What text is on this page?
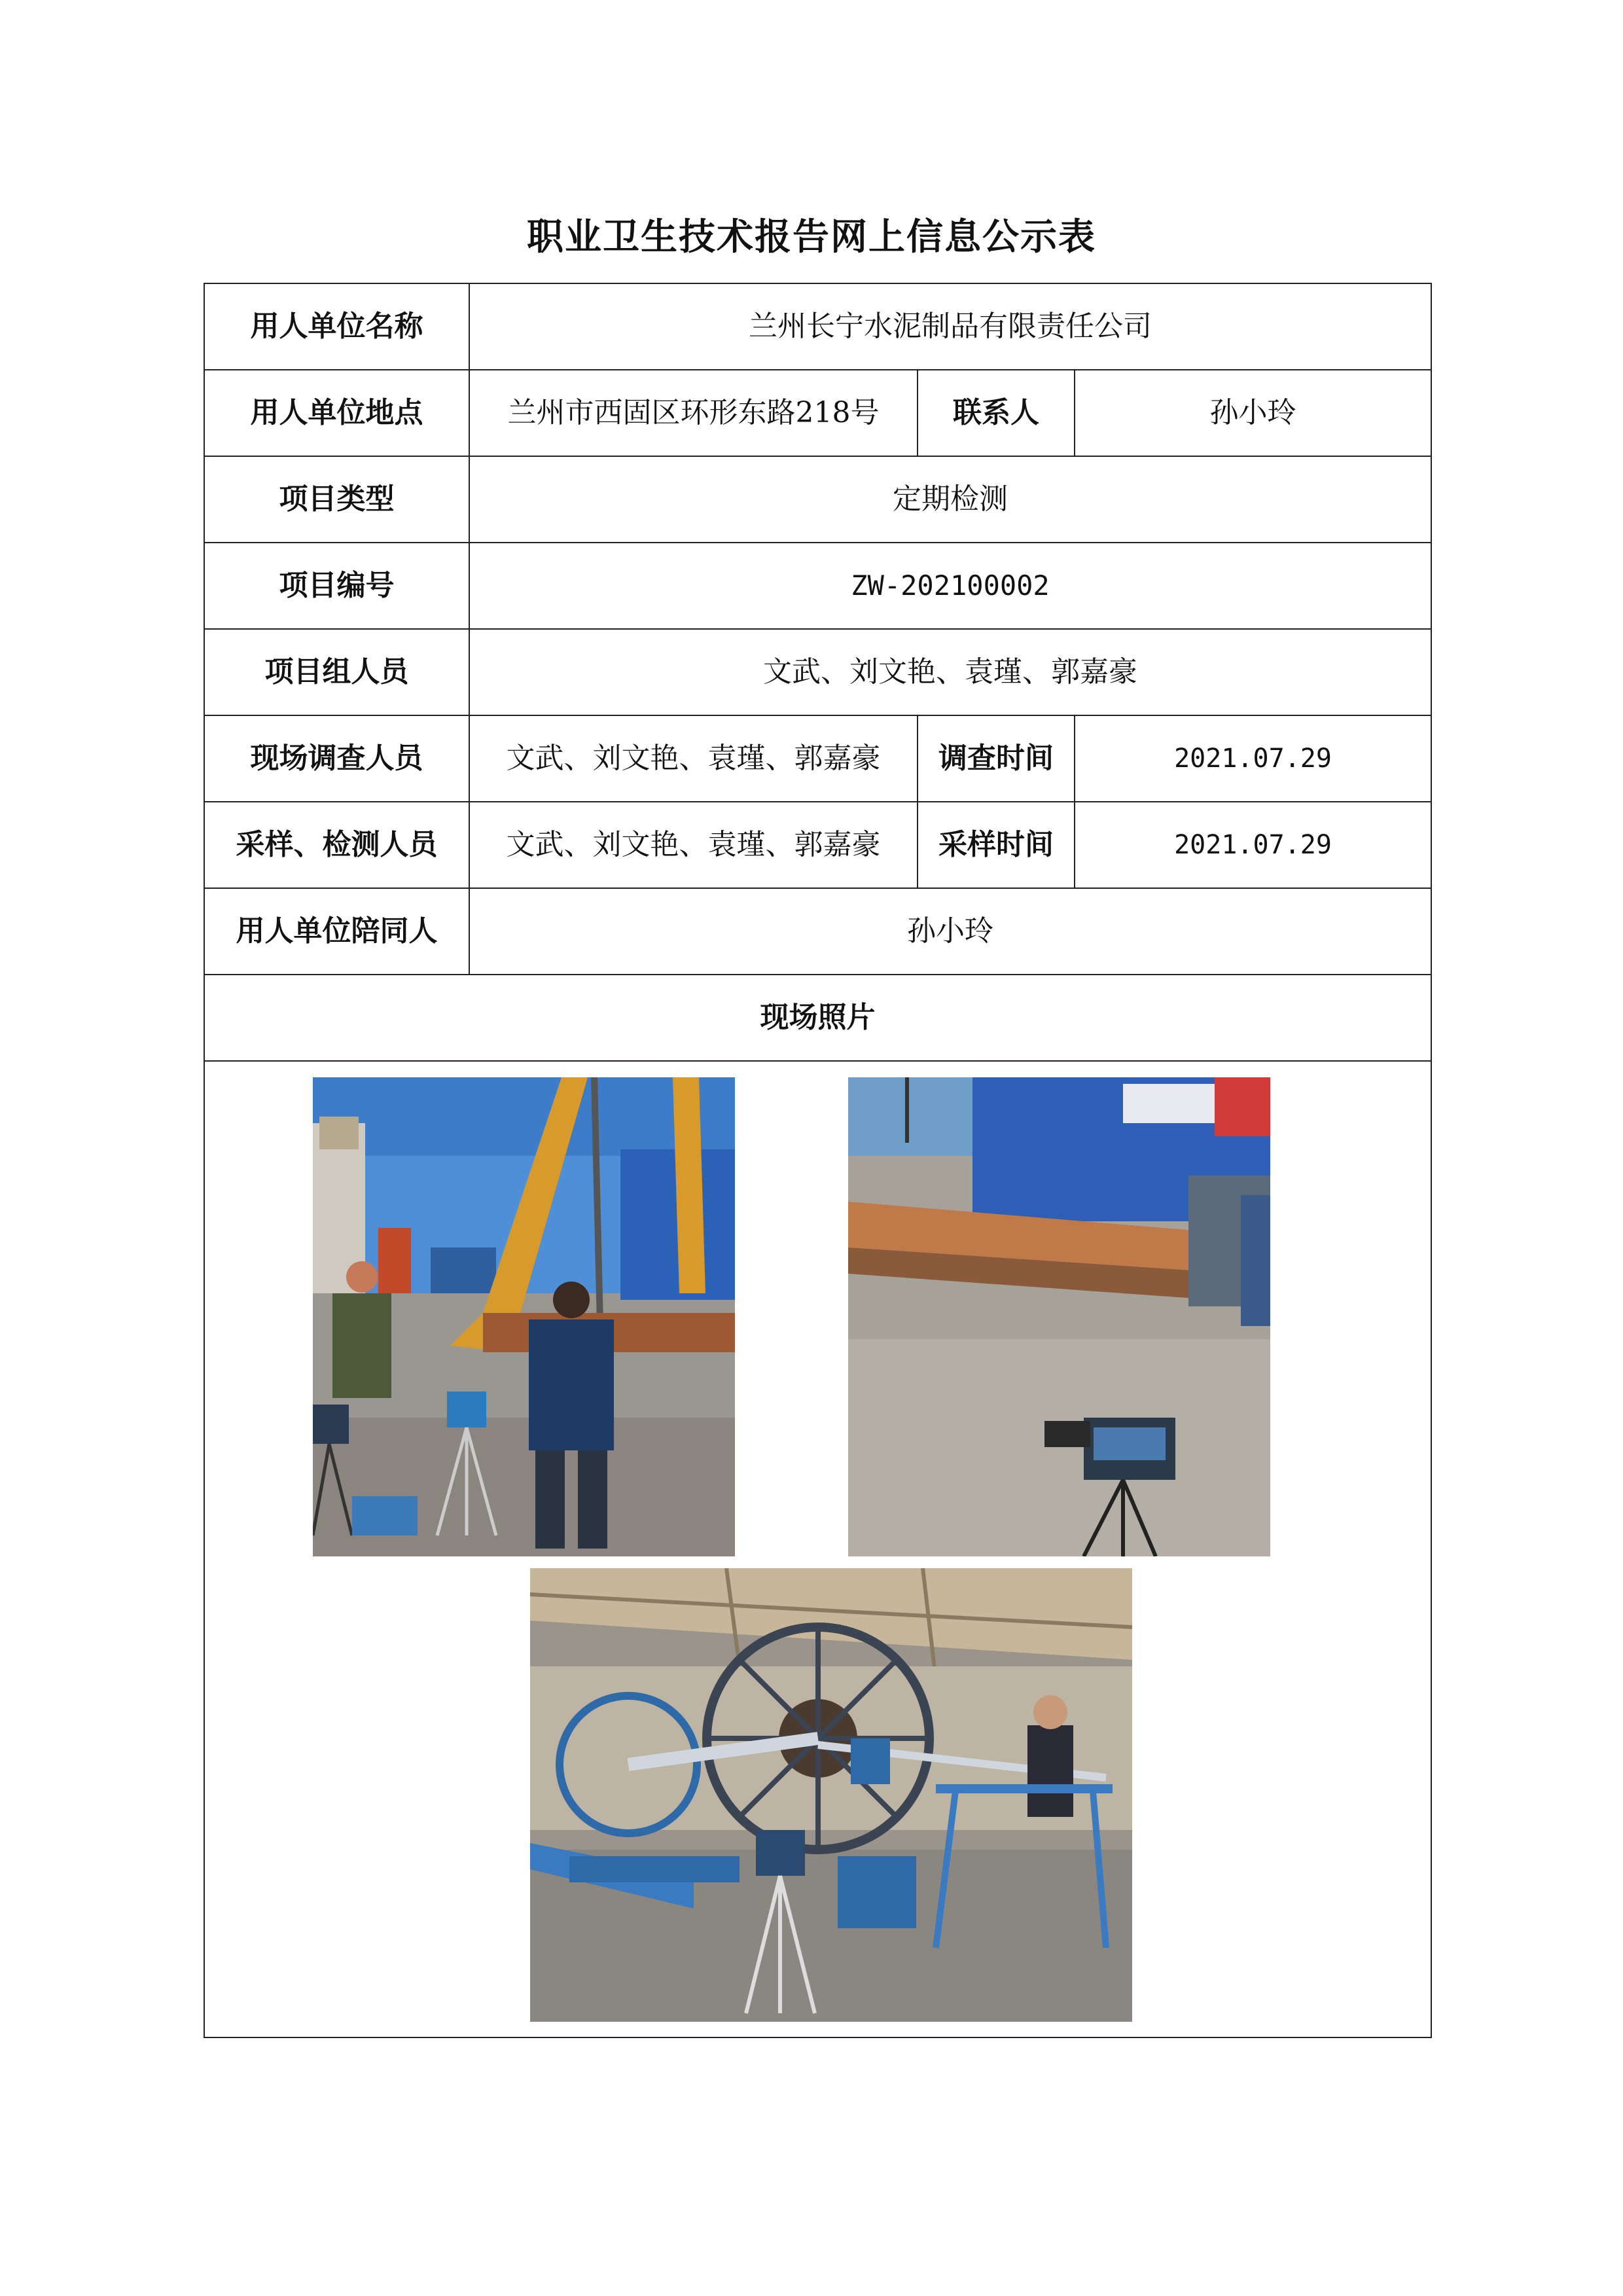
职业卫生技术报告网上信息公示表
用人单位名称	兰州长宁水泥制品有限责任公司		
用人单位地点	兰州市西固区环形东路218号	联系人	孙小玲
项目类型	定期检测		
项目编号	ZW-202100002		
项目组人员	文武、刘文艳、袁瑾、郭嘉豪		
现场调查人员	文武、刘文艳、袁瑾、郭嘉豪	调查时间	2021.07.29
采样、检测人员	文武、刘文艳、袁瑾、郭嘉豪	采样时间	2021.07.29
用人单位陪同人	孙小玲		
现场照片			
